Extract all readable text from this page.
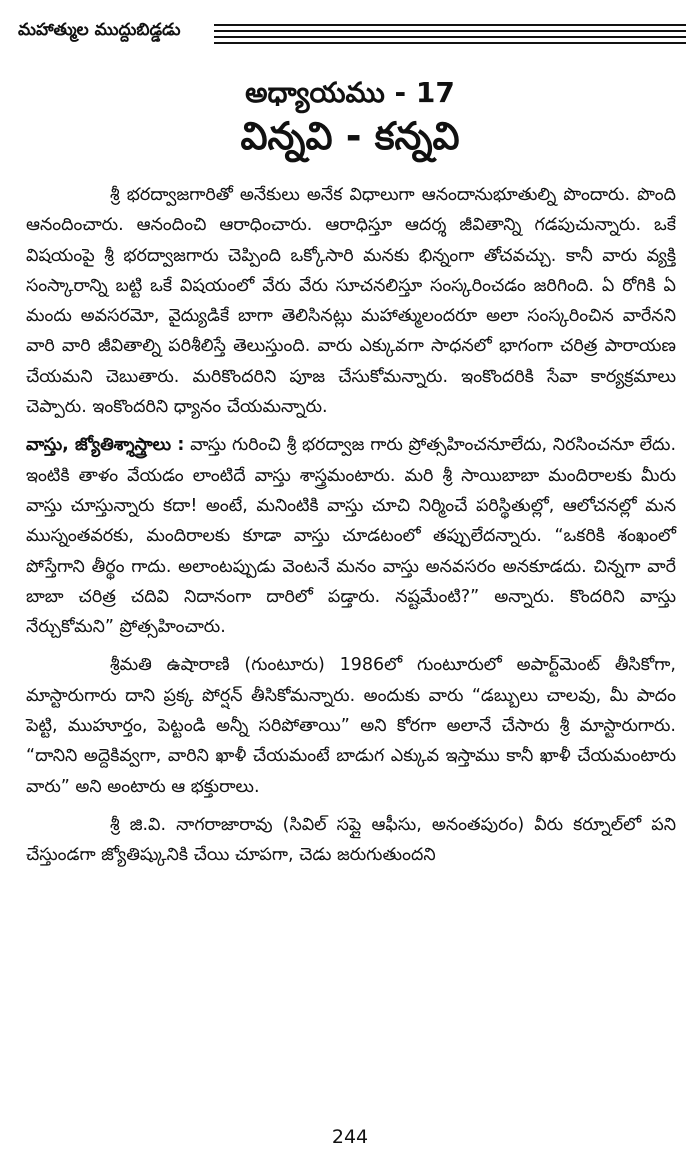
మహాత్ముల ముద్దుబిడ్డడు
అధ్యాయము - 17
విన్నవి - కన్నవి

శ్రీ భరద్వాజగారితో అనేకులు అనేక విధాలుగా ఆనందానుభూతుల్ని పొందారు. పొంది ఆనందించారు. ఆనందించి ఆరాధించారు. ఆరాధిస్తూ ఆదర్శ జీవితాన్ని గడపుచున్నారు. ఒకే విషయంపై శ్రీ భరద్వాజగారు చెప్పింది ఒక్కోసారి మనకు భిన్నంగా తోచవచ్చు. కానీ వారు వ్యక్తి సంస్కారాన్ని బట్టి ఒకే విషయంలో వేరు వేరు సూచనలిస్తూ సంస్కరించడం జరిగింది. ఏ రోగికి ఏ మందు అవసరమో, వైద్యుడికే బాగా తెలిసినట్లు మహాత్ములందరూ అలా సంస్కరించిన వారేనని వారి వారి జీవితాల్ని పరిశీలిస్తే తెలుస్తుంది. వారు ఎక్కువగా సాధనలో భాగంగా చరిత్ర పారాయణ చేయమని చెబుతారు. మరికొందరిని పూజ చేసుకోమన్నారు. ఇంకొందరికి సేవా కార్యక్రమాలు చెప్పారు. ఇంకొందరిని ధ్యానం చేయమన్నారు.

వాస్తు, జ్యోతిశ్శాస్త్రాలు : వాస్తు గురించి శ్రీ భరద్వాజ గారు ప్రోత్సహించనూలేదు, నిరసించనూ లేదు. ఇంటికి తాళం వేయడం లాంటిదే వాస్తు శాస్త్రమంటారు. మరి శ్రీ సాయిబాబా మందిరాలకు మీరు వాస్తు చూస్తున్నారు కదా! అంటే, మనింటికి వాస్తు చూచి నిర్మించే పరిస్థితుల్లో, ఆలోచనల్లో మన ముస్నంతవరకు, మందిరాలకు కూడా వాస్తు చూడటంలో తప్పులేదన్నారు. “ఒకరికి శంఖంలో పోస్తేగాని తీర్థం గాదు. అలాంటప్పుడు వెంటనే మనం వాస్తు అనవసరం అనకూడదు. చిన్నగా వారే బాబా చరిత్ర చదివి నిదానంగా దారిలో పడ్తారు. నష్టమేంటి?” అన్నారు. కొందరిని వాస్తు నేర్చుకోమని” ప్రోత్సహించారు.

శ్రీమతి ఉషారాణి (గుంటూరు) 1986లో గుంటూరులో అపార్ట్‌మెంట్ తీసికోగా, మాస్టారుగారు దాని ప్రక్క పోర్షన్ తీసికోమన్నారు. అందుకు వారు “డబ్బులు చాలవు, మీ పాదం పెట్టి, ముహూర్తం, పెట్టండి అన్నీ సరిపోతాయి” అని కోరగా అలానే చేసారు శ్రీ మాస్టారుగారు. “దానిని అద్దెకివ్వగా, వారిని ఖాళీ చేయమంటే బాడుగ ఎక్కువ ఇస్తాము కానీ ఖాళీ చేయమంటారు వారు” అని అంటారు ఆ భక్తురాలు.

శ్రీ జి.వి. నాగరాజారావు (సివిల్ సప్లై ఆఫీసు, అనంతపురం) వీరు కర్నూల్‌లో పని చేస్తుండగా జ్యోతిష్కునికి చేయి చూపగా, చెడు జరుగుతుందని

244
